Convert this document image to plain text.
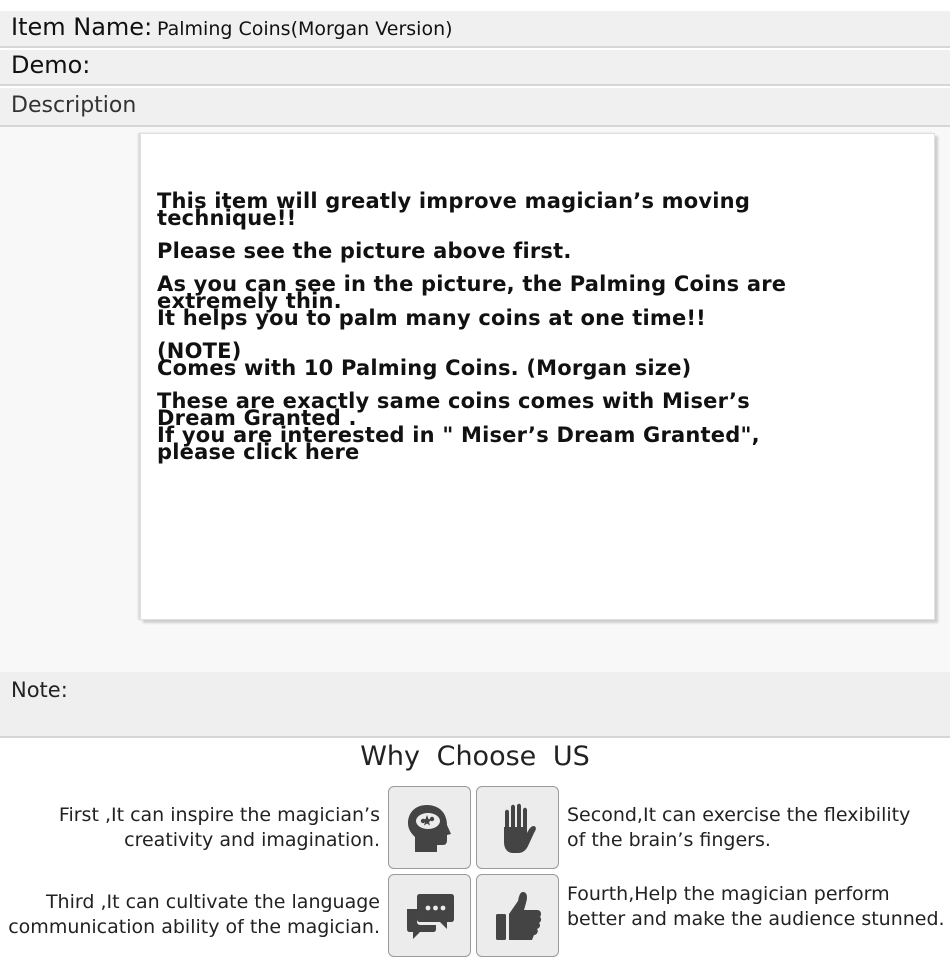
Item Name: Palming Coins(Morgan Version)
Demo:
Description
This item will greatly improve magician’s moving
technique!!
Please see the picture above first.
As you can see in the picture, the Palming Coins are
extremely thin.
It helps you to palm many coins at one time!!
(NOTE)
Comes with 10 Palming Coins. (Morgan size)
These are exactly same coins comes with Miser’s
Dream Granted .
If you are interested in " Miser’s Dream Granted",
please click here
Note:
Why Choose US
First ,It can inspire the magician’s
creativity and imagination.
Second,It can exercise the flexibility
of the brain’s fingers.
Third ,It can cultivate the language
communication ability of the magician.
Fourth,Help the magician perform
better and make the audience stunned.
